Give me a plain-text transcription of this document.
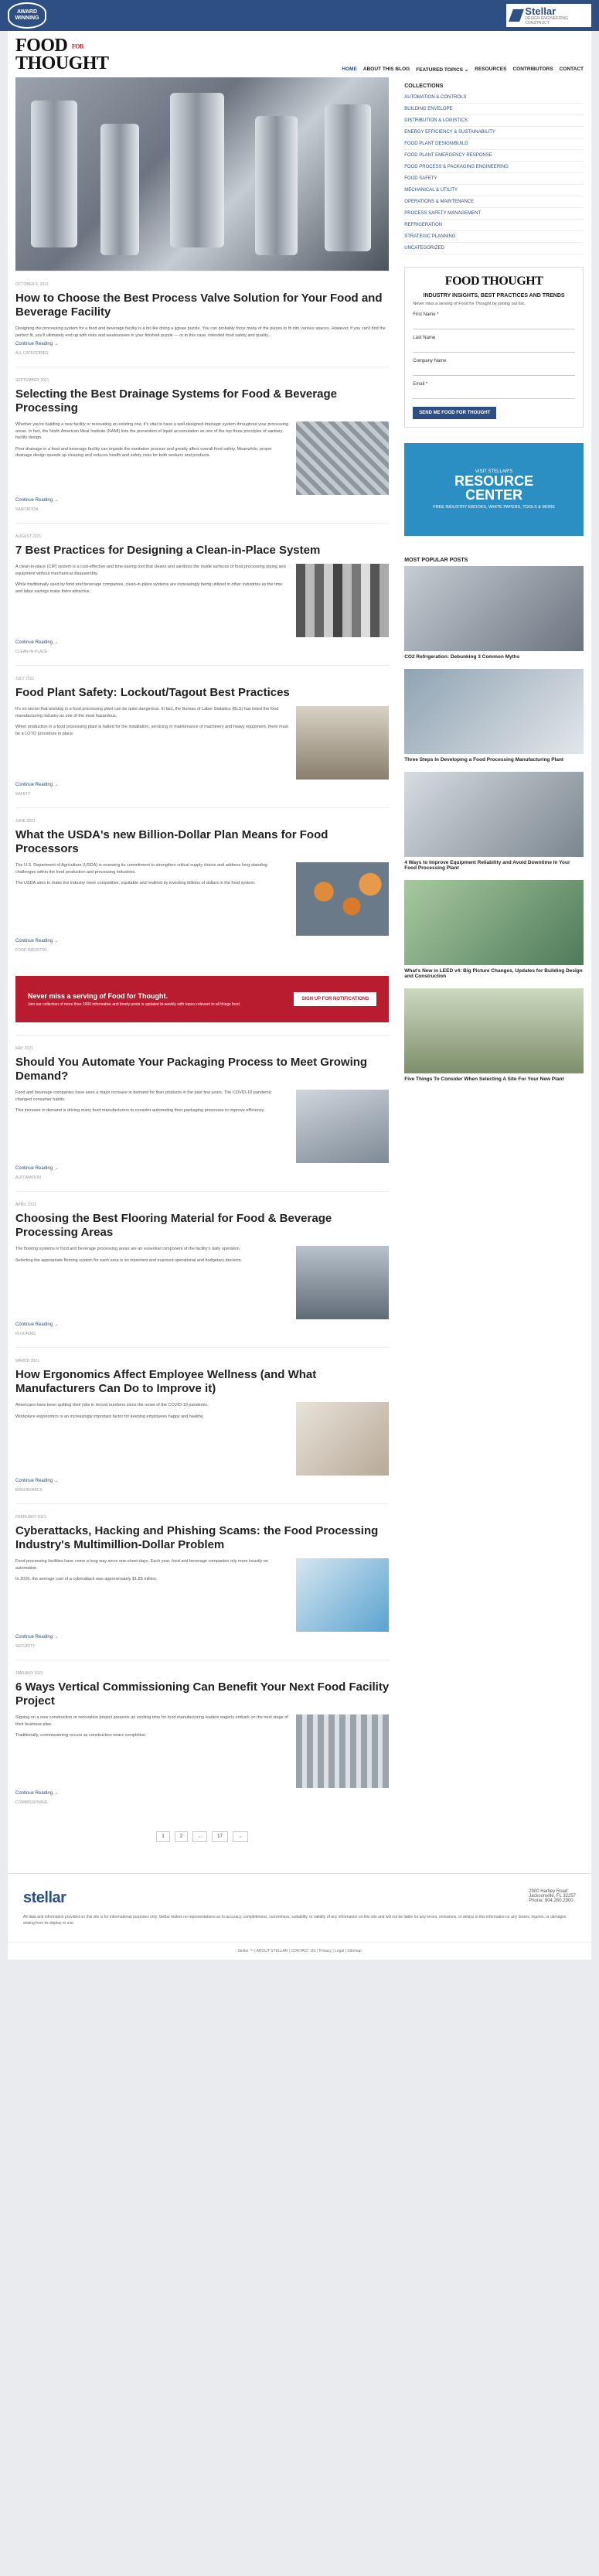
AWARD WINNING
Stellar
DESIGN ENGINEERING CONSTRUCT
FOOD FOR
THOUGHT	HOME ABOUT THIS BLOG FEATURED TOPICS ⌄ RESOURCES CONTRIBUTORS CONTACT
OCTOBER 6, 2021
How to Choose the Best Process Valve Solution for Your Food and Beverage Facility
Designing the processing system for a food and beverage facility is a bit like doing a jigsaw puzzle. You can probably force many of the pieces to fit into various spaces. However, if you can't find the perfect fit, you'll ultimately end up with risks and weaknesses in your finished puzzle — or in this case, intended food safety and quality...
Continue Reading →
ALL CATEGORIES
SEPTEMBER 2021
Selecting the Best Drainage Systems for Food & Beverage Processing

Whether you're building a new facility or renovating an existing one, it's vital to have a well-designed drainage system throughout your processing areas. In fact, the North American Meat Institute (NAMI) lists the prevention of liquid accumulation as one of the top three principles of sanitary facility design.

Poor drainage in a food and beverage facility can impede the sanitation process and greatly affect overall food safety. Meanwhile, proper drainage design speeds up cleaning and reduces health and safety risks for both workers and products.

Continue Reading →
SANITATION
AUGUST 2021
7 Best Practices for Designing a Clean-in-Place System

A clean-in-place (CIP) system is a cost-effective and time-saving tool that cleans and sanitizes the inside surfaces of food processing piping and equipment without mechanical disassembly.

While traditionally used by food and beverage companies, clean-in-place systems are increasingly being utilized in other industries as the time and labor savings make them attractive.

Continue Reading →
CLEAN-IN-PLACE
JULY 2021
Food Plant Safety: Lockout/Tagout Best Practices

It's no secret that working in a food processing plant can be quite dangerous. In fact, the Bureau of Labor Statistics (BLS) has listed the food manufacturing industry as one of the most hazardous.

When production in a food processing plant is halted for the installation, servicing or maintenance of machinery and heavy equipment, there must be a LOTO procedure in place.

Continue Reading →
SAFETY
JUNE 2021
What the USDA's new Billion-Dollar Plan Means for Food Processors

The U.S. Department of Agriculture (USDA) is renewing its commitment to strengthen critical supply chains and address long-standing challenges within the food production and processing industries.

The USDA aims to make the industry more competitive, equitable and resilient by investing billions of dollars in the food system.

Continue Reading →
FOOD INDUSTRY
Never miss a serving of Food for Thought.
Join our collection of more than 1000 informative and timely posts is updated bi-weekly with topics relevant to all things food.
SIGN UP FOR NOTIFICATIONS
MAY 2021
Should You Automate Your Packaging Process to Meet Growing Demand?

Food and beverage companies have seen a major increase in demand for their products in the past few years. The COVID-19 pandemic changed consumer habits.

This increase in demand is driving many food manufacturers to consider automating their packaging processes to improve efficiency.

Continue Reading →
AUTOMATION
APRIL 2021
Choosing the Best Flooring Material for Food & Beverage Processing Areas

The flooring systems in food and beverage processing areas are an essential component of the facility's daily operation.

Selecting the appropriate flooring system for each area is an important and nuanced operational and budgetary decision.

Continue Reading →
FLOORING
MARCH 2021
How Ergonomics Affect Employee Wellness (and What Manufacturers Can Do to Improve it)

Americans have been quitting their jobs in record numbers since the onset of the COVID-19 pandemic.

Workplace ergonomics is an increasingly important factor for keeping employees happy and healthy.

Continue Reading →
ERGONOMICS
FEBRUARY 2021
Cyberattacks, Hacking and Phishing Scams: the Food Processing Industry's Multimillion-Dollar Problem

Food processing facilities have come a long way since one-sheet days. Each year, food and beverage companies rely more heavily on automation.

In 2020, the average cost of a cyberattack was approximately $1.85 million.

Continue Reading →
SECURITY
JANUARY 2021
6 Ways Vertical Commissioning Can Benefit Your Next Food Facility Project

Signing on a new construction or renovation project presents an exciting time for food manufacturing leaders eagerly embark on the next stage of their business plan.

Traditionally, commissioning occurs as construction nears completion.

Continue Reading →
COMMISSIONING
1	2	...	17	→
COLLECTIONS
AUTOMATION & CONTROLS
BUILDING ENVELOPE
DISTRIBUTION & LOGISTICS
ENERGY EFFICIENCY & SUSTAINABILITY
FOOD PLANT DESIGN/BUILD
FOOD PLANT EMERGENCY RESPONSE
FOOD PROCESS & PACKAGING ENGINEERING
FOOD SAFETY
MECHANICAL & UTILITY
OPERATIONS & MAINTENANCE
PROCESS SAFETY MANAGEMENT
REFRIGERATION
STRATEGIC PLANNING
UNCATEGORIZED
FOOD THOUGHT
INDUSTRY INSIGHTS, BEST PRACTICES AND TRENDS
Never miss a serving of Food for Thought by joining our list.
First Name *
Last Name
Company Name
Email *
SEND ME FOOD FOR THOUGHT
VISIT STELLAR'S
RESOURCE
CENTER
FREE INDUSTRY EBOOKS, WHITE PAPERS, TOOLS & MORE
MOST POPULAR POSTS
CO2 Refrigeration: Debunking 3 Common Myths
Three Steps In Developing a Food Processing Manufacturing Plant
4 Ways to Improve Equipment Reliability and Avoid Downtime In Your Food Processing Plant
What's New in LEED v4: Big Picture Changes, Updates for Building Design and Construction
Five Things To Consider When Selecting A Site For Your New Plant
stellar	2900 Hartley Road
Jacksonville, FL 32257
Phone: 904.260.2900
All data and information provided on this site is for informational purposes only. Stellar makes no representations as to accuracy, completeness, currentness, suitability, or validity of any information on this site and will not be liable for any errors, omissions, or delays in this information or any losses, injuries, or damages arising from its display or use.
Stellar ™ | ABOUT STELLAR | CONTACT US | Privacy | Legal | Sitemap
